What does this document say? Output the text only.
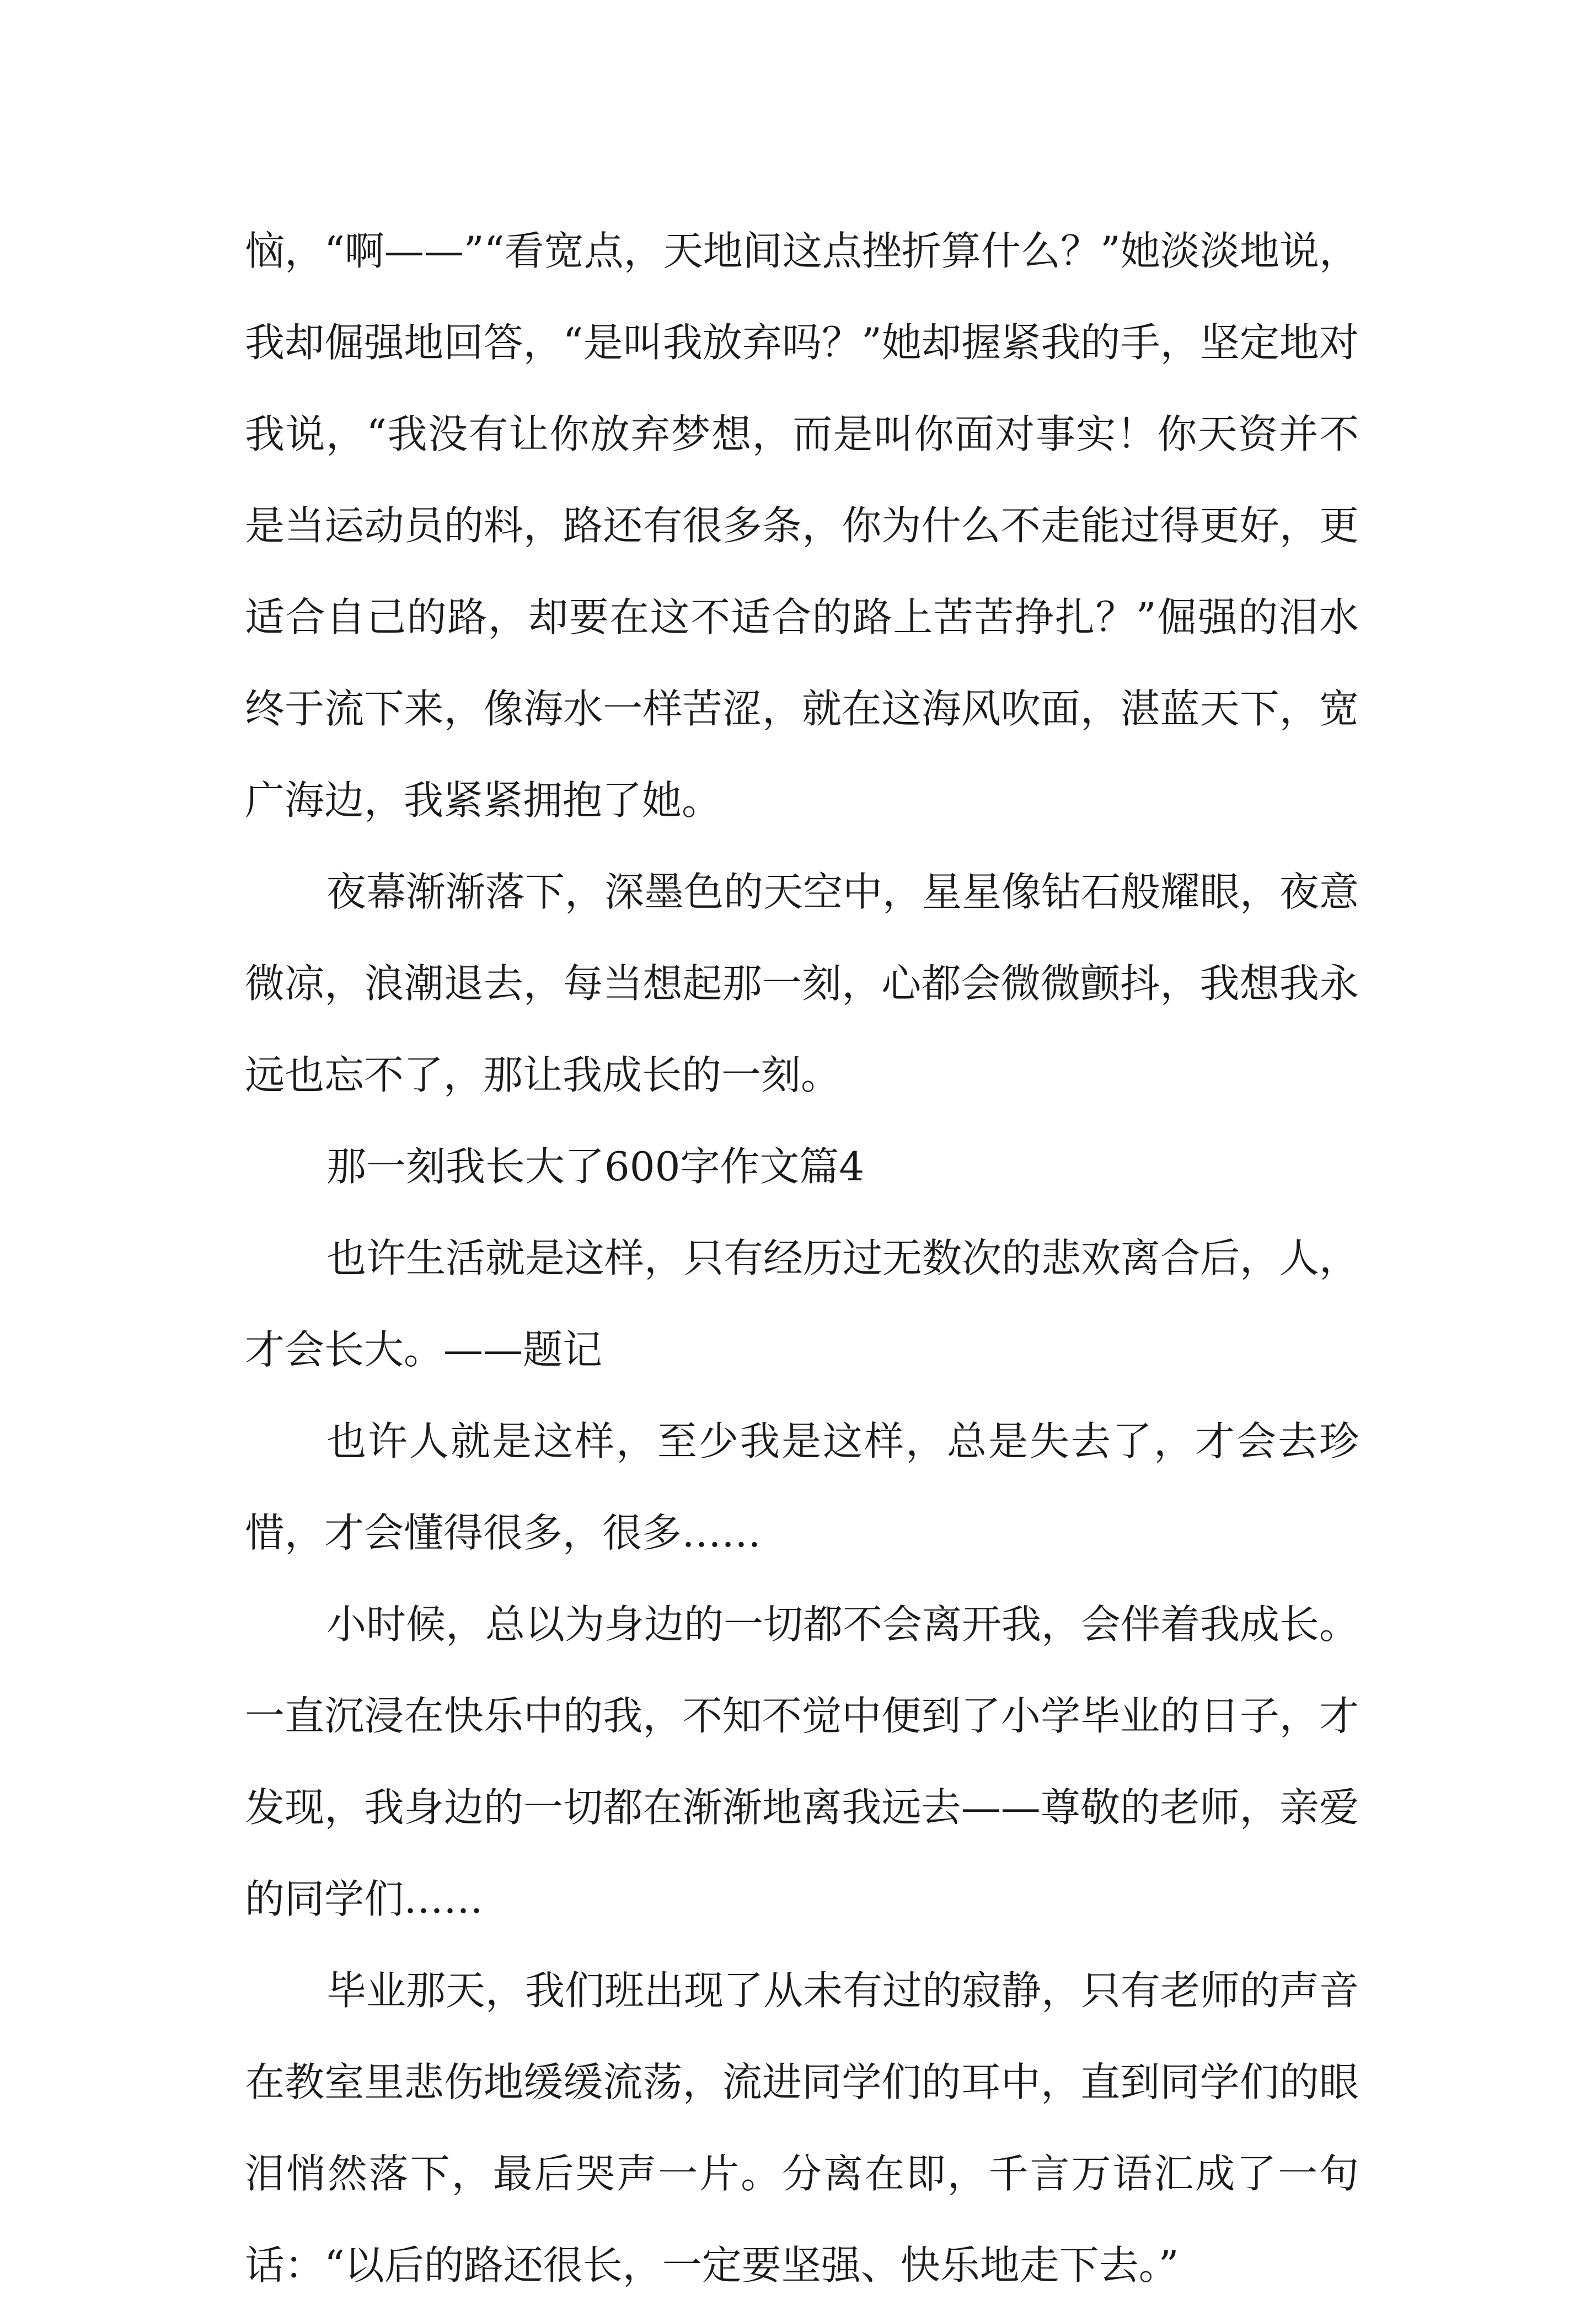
恼，“啊——”“看宽点，天地间这点挫折算什么？”她淡淡地说，我却倔强地回答，“是叫我放弃吗？”她却握紧我的手，坚定地对我说，“我没有让你放弃梦想，而是叫你面对事实！你天资并不是当运动员的料，路还有很多条，你为什么不走能过得更好，更适合自己的路，却要在这不适合的路上苦苦挣扎？”倔强的泪水终于流下来，像海水一样苦涩，就在这海风吹面，湛蓝天下，宽广海边，我紧紧拥抱了她。

夜幕渐渐落下，深墨色的天空中，星星像钻石般耀眼，夜意微凉，浪潮退去，每当想起那一刻，心都会微微颤抖，我想我永远也忘不了，那让我成长的一刻。

那一刻我长大了600字作文篇4

也许生活就是这样，只有经历过无数次的悲欢离合后，人，才会长大。——题记

也许人就是这样，至少我是这样，总是失去了，才会去珍惜，才会懂得很多，很多……

小时候，总以为身边的一切都不会离开我，会伴着我成长。一直沉浸在快乐中的我，不知不觉中便到了小学毕业的日子，才发现，我身边的一切都在渐渐地离我远去——尊敬的老师，亲爱的同学们……

毕业那天，我们班出现了从未有过的寂静，只有老师的声音在教室里悲伤地缓缓流荡，流进同学们的耳中，直到同学们的眼泪悄然落下，最后哭声一片。分离在即，千言万语汇成了一句话：“以后的路还很长，一定要坚强、快乐地走下去。”
